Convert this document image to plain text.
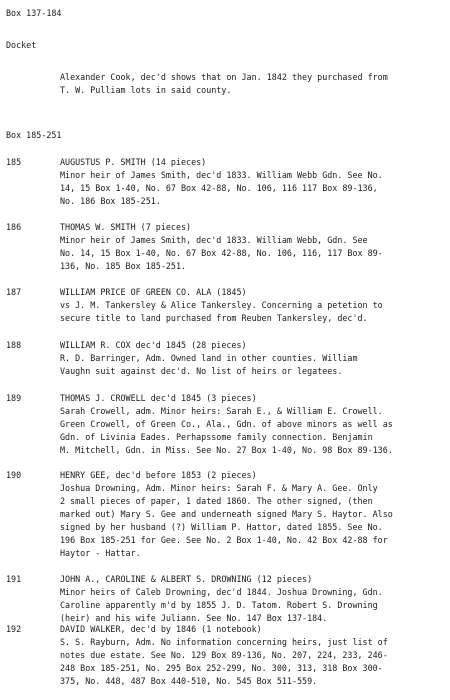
Box 137-184
Docket
Alexander Cook, dec'd shows that on Jan. 1842 they purchased from
T. W. Pulliam lots in said county.
Box 185-251
185	AUGUSTUS P. SMITH (14 pieces)
Minor heir of James Smith, dec'd 1833. William Webb Gdn. See No.
14, 15 Box 1-40, No. 67 Box 42-88, No. 106, 116 117 Box 89-136,
No. 186 Box 185-251.
186	THOMAS W. SMITH (7 pieces)
Minor heir of James Smith, dec'd 1833. William Webb, Gdn. See
No. 14, 15 Box 1-40, No. 67 Box 42-88, No. 106, 116, 117 Box 89-
136, No. 185 Box 185-251.
187	WILLIAM PRICE OF GREEN CO. ALA (1845)
vs J. M. Tankersley & Alice Tankersley. Concerning a petetion to
secure title to land purchased from Reuben Tankersley, dec'd.
188	WILLIAM R. COX dec'd 1845 (28 pieces)
R. D. Barringer, Adm. Owned land in other counties. William
Vaughn suit against dec'd. No list of heirs or legatees.
189	THOMAS J. CROWELL dec'd 1845 (3 pieces)
Sarah Crowell, adm. Minor heirs: Sarah E., & William E. Crowell.
Green Crowell, of Green Co., Ala., Gdn. of above minors as well as
Gdn. of Livinia Eades. Perhapssome family connection. Benjamin
M. Mitchell, Gdn. in Miss. See No. 27 Box 1-40, No. 98 Box 89-136.
190	HENRY GEE, dec'd before 1853 (2 pieces)
Joshua Drowning, Adm. Minor heirs: Sarah F. & Mary A. Gee. Only
2 small pieces of paper, 1 dated 1860. The other signed, (then
marked out) Mary S. Gee and underneath signed Mary S. Haytor. Also
signed by her husband (?) William P. Hattor, dated 1855. See No.
196 Box 185-251 for Gee. See No. 2 Box 1-40, No. 42 Box 42-88 for
Haytor - Hattar.
191	JOHN A., CAROLINE & ALBERT S. DROWNING (12 pieces)
Minor heirs of Caleb Drowning, dec'd 1844. Joshua Drowning, Gdn.
Caroline apparently m'd by 1855 J. D. Tatom. Robert S. Drowning
(heir) and his wife Juliann. See No. 147 Box 137-184.
192	DAVID WALKER, dec'd by 1846 (1 notebook)
S. S. Rayburn, Adm. No information concerning heirs, just list of
notes due estate. See No. 129 Box 89-136, No. 207, 224, 233, 246-
248 Box 185-251, No. 295 Box 252-299, No. 300, 313, 318 Box 300-
375, No. 448, 487 Box 440-510, No. 545 Box 511-559.
